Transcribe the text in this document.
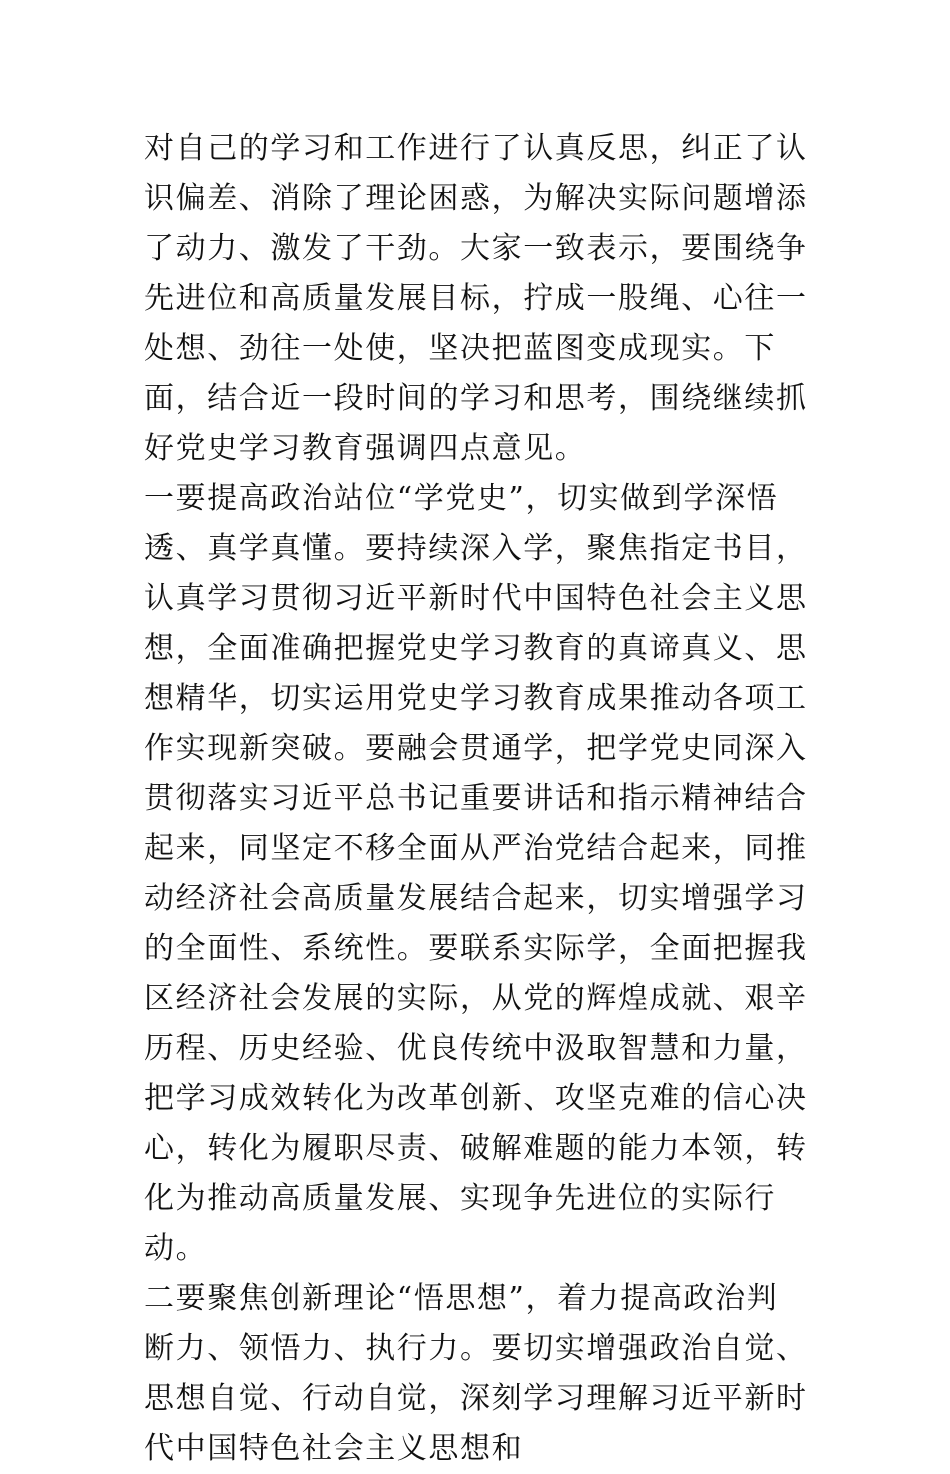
对自己的学习和工作进行了认真反思，纠正了认识偏差、消除了理论困惑，为解决实际问题增添了动力、激发了干劲。大家一致表示，要围绕争先进位和高质量发展目标，拧成一股绳、心往一处想、劲往一处使，坚决把蓝图变成现实。下面，结合近一段时间的学习和思考，围绕继续抓好党史学习教育强调四点意见。

一要提高政治站位“学党史”，切实做到学深悟透、真学真懂。要持续深入学，聚焦指定书目，认真学习贯彻习近平新时代中国特色社会主义思想，全面准确把握党史学习教育的真谛真义、思想精华，切实运用党史学习教育成果推动各项工作实现新突破。要融会贯通学，把学党史同深入贯彻落实习近平总书记重要讲话和指示精神结合起来，同坚定不移全面从严治党结合起来，同推动经济社会高质量发展结合起来，切实增强学习的全面性、系统性。要联系实际学，全面把握我区经济社会发展的实际，从党的辉煌成就、艰辛历程、历史经验、优良传统中汲取智慧和力量，把学习成效转化为改革创新、攻坚克难的信心决心，转化为履职尽责、破解难题的能力本领，转化为推动高质量发展、实现争先进位的实际行动。

二要聚焦创新理论“悟思想”，着力提高政治判断力、领悟力、执行力。要切实增强政治自觉、思想自觉、行动自觉，深刻学习理解习近平新时代中国特色社会主义思想和
